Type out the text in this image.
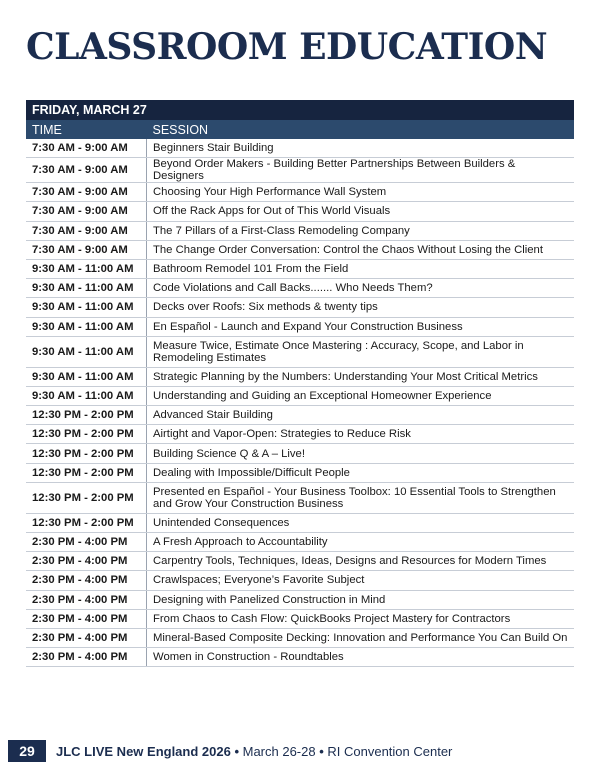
CLASSROOM EDUCATION
FRIDAY, MARCH 27	
TIME	SESSION
7:30 AM - 9:00 AM	Beginners Stair Building
7:30 AM - 9:00 AM	Beyond Order Makers - Building Better Partnerships Between Builders & Designers
7:30 AM - 9:00 AM	Choosing Your High Performance Wall System
7:30 AM - 9:00 AM	Off the Rack Apps for Out of This World Visuals
7:30 AM - 9:00 AM	The 7 Pillars of a First-Class Remodeling Company
7:30 AM - 9:00 AM	The Change Order Conversation: Control the Chaos Without Losing the Client
9:30 AM - 11:00 AM	Bathroom Remodel 101 From the Field
9:30 AM - 11:00 AM	Code Violations and Call Backs....... Who Needs Them?
9:30 AM - 11:00 AM	Decks over Roofs: Six methods & twenty tips
9:30 AM - 11:00 AM	En Español - Launch and Expand Your Construction Business
9:30 AM - 11:00 AM	Measure Twice, Estimate Once Mastering : Accuracy, Scope, and Labor in Remodeling Estimates
9:30 AM - 11:00 AM	Strategic Planning by the Numbers: Understanding Your Most Critical Metrics
9:30 AM - 11:00 AM	Understanding and Guiding an Exceptional Homeowner Experience
12:30 PM - 2:00 PM	Advanced Stair Building
12:30 PM - 2:00 PM	Airtight and Vapor-Open: Strategies to Reduce Risk
12:30 PM - 2:00 PM	Building Science Q & A – Live!
12:30 PM - 2:00 PM	Dealing with Impossible/Difficult People
12:30 PM - 2:00 PM	Presented en Español - Your Business Toolbox: 10 Essential Tools to Strengthen and Grow Your Construction Business
12:30 PM - 2:00 PM	Unintended Consequences
2:30 PM - 4:00 PM	A Fresh Approach to Accountability
2:30 PM - 4:00 PM	Carpentry Tools, Techniques, Ideas, Designs and Resources for Modern Times
2:30 PM - 4:00 PM	Crawlspaces; Everyone’s Favorite Subject
2:30 PM - 4:00 PM	Designing with Panelized Construction in Mind
2:30 PM - 4:00 PM	From Chaos to Cash Flow: QuickBooks Project Mastery for Contractors
2:30 PM - 4:00 PM	Mineral-Based Composite Decking: Innovation and Performance You Can Build On
2:30 PM - 4:00 PM	Women in Construction - Roundtables
29	JLC LIVE New England 2026 • March 26-28 • RI Convention Center
